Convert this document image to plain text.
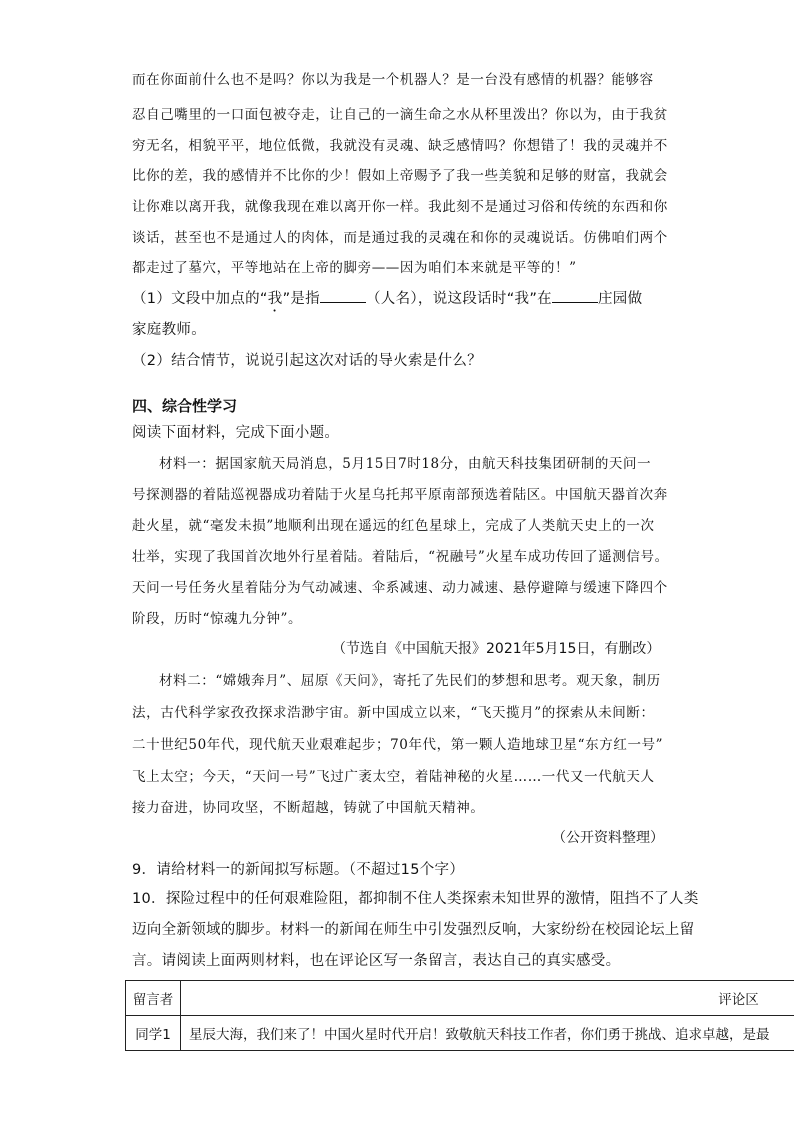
而在你面前什么也不是吗？你以为我是一个机器人？是一台没有感情的机器？能够容
忍自己嘴里的一口面包被夺走，让自己的一滴生命之水从杯里泼出？你以为，由于我贫
穷无名，相貌平平，地位低微，我就没有灵魂、缺乏感情吗？你想错了！我的灵魂并不
比你的差，我的感情并不比你的少！假如上帝赐予了我一些美貌和足够的财富，我就会
让你难以离开我，就像我现在难以离开你一样。我此刻不是通过习俗和传统的东西和你
谈话，甚至也不是通过人的肉体，而是通过我的灵魂在和你的灵魂说话。仿佛咱们两个
都走过了墓穴，平等地站在上帝的脚旁——因为咱们本来就是平等的！”
（1）文段中加点的“我”是指	（人名），说这段话时“我”在	庄园做
家庭教师。
（2）结合情节，说说引起这次对话的导火索是什么？
四、综合性学习
阅读下面材料，完成下面小题。
材料一：据国家航天局消息，5月15日7时18分，由航天科技集团研制的天问一
号探测器的着陆巡视器成功着陆于火星乌托邦平原南部预选着陆区。中国航天器首次奔
赴火星，就“毫发未损”地顺利出现在遥远的红色星球上，完成了人类航天史上的一次
壮举，实现了我国首次地外行星着陆。着陆后，“祝融号”火星车成功传回了遥测信号。
天问一号任务火星着陆分为气动减速、伞系减速、动力减速、悬停避障与缓速下降四个
阶段，历时“惊魂九分钟”。
（节选自《中国航天报》2021年5月15日，有删改）
材料二：“嫦娥奔月”、屈原《天问》，寄托了先民们的梦想和思考。观天象，制历
法，古代科学家孜孜探求浩渺宇宙。新中国成立以来，“飞天揽月”的探索从未间断：
二十世纪50年代，现代航天业艰难起步；70年代，第一颗人造地球卫星“东方红一号”
飞上太空；今天，“天问一号”飞过广袤太空，着陆神秘的火星……一代又一代航天人
接力奋进，协同攻坚，不断超越，铸就了中国航天精神。
（公开资料整理）
9．请给材料一的新闻拟写标题。（不超过15个字）
10．探险过程中的任何艰难险阻，都抑制不住人类探索未知世界的激情，阻挡不了人类
迈向全新领域的脚步。材料一的新闻在师生中引发强烈反响，大家纷纷在校园论坛上留
言。请阅读上面两则材料，也在评论区写一条留言，表达自己的真实感受。
留言者	评论区
同学1	星辰大海，我们来了！中国火星时代开启！致敬航天科技工作者，你们勇于挑战、追求卓越，是最
